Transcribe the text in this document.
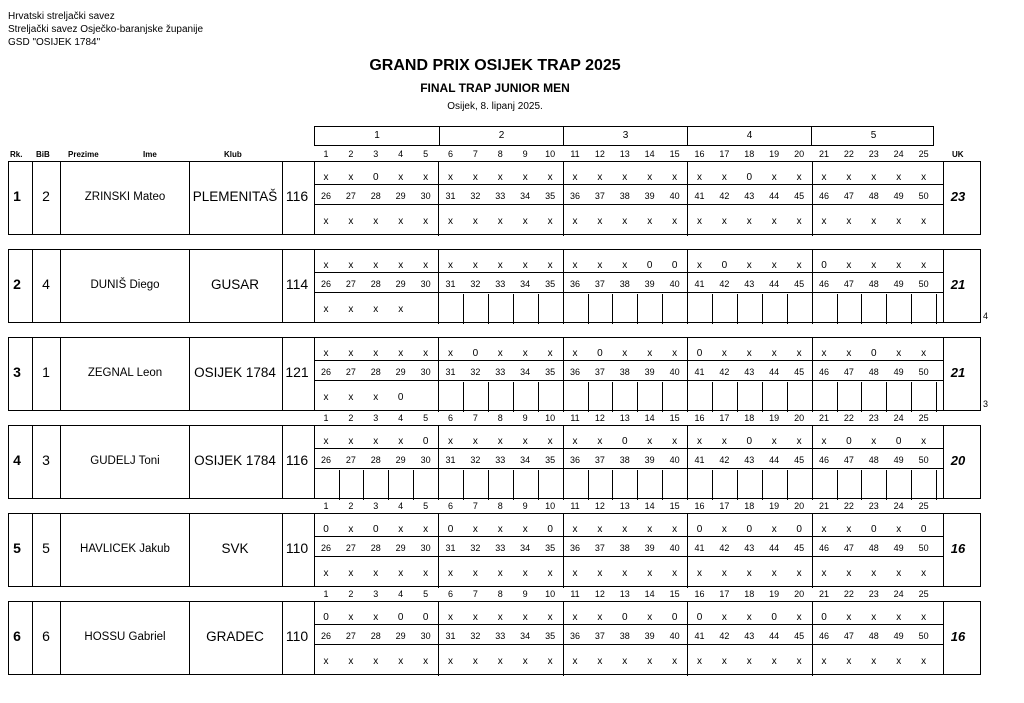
Hrvatski streljački savez
Streljački savez Osječko-baranjske županije
GSD "OSIJEK 1784"
GRAND PRIX OSIJEK TRAP 2025
FINAL TRAP JUNIOR MEN
Osijek, 8. lipanj 2025.
1	2	3	4	5
Rk. BiB Prezime	Ime	Klub	UK
1	2	3	4	5	6	7	8	9	10	11	12	13	14	15	16	17	18	19	20	21	22	23	24	25
1	2	ZRINSKI Mateo	PLEMENITAŠ 116	23
x	x	0	x	x	x	x	x	x	x	x	x	x	x	x	x	x	0	x	x	x	x	x	x	x
26	27	28	29	30	31	32	33	34	35	36	37	38	39	40	41	42	43	44	45	46	47	48	49	50
x	x	x	x	x	x	x	x	x	x	x	x	x	x	x	x	x	x	x	x	x	x	x	x	x
2	4	DUNIŠ Diego	GUSAR	114	21
x	x	x	x	x	x	x	x	x	x	x	x	x	0	0	x	0	x	x	x	0	x	x	x	x
26	27	28	29	30	31	32	33	34	35	36	37	38	39	40	41	42	43	44	45	46	47	48	49	50
x	x	x	x
4
3	1	ZEGNAL Leon	OSIJEK 1784 121	21
x	x	x	x	x	x	0	x	x	x	x	0	x	x	x	0	x	x	x	x	x	x	0	x	x
26	27	28	29	30	31	32	33	34	35	36	37	38	39	40	41	42	43	44	45	46	47	48	49	50
x	x	x	0
3
1	2	3	4	5	6	7	8	9	10	11	12	13	14	15	16	17	18	19	20	21	22	23	24	25
4	3	GUDELJ Toni	OSIJEK 1784 116	20
x	x	x	x	0	x	x	x	x	x	x	x	0	x	x	x	x	0	x	x	x	0	x	0	x
26	27	28	29	30	31	32	33	34	35	36	37	38	39	40	41	42	43	44	45	46	47	48	49	50
1	2	3	4	5	6	7	8	9	10	11	12	13	14	15	16	17	18	19	20	21	22	23	24	25
5	5	HAVLICEK Jakub	SVK	110	16
0	x	0	x	x	0	x	x	x	0	x	x	x	x	x	0	x	0	x	0	x	x	0	x	0
26	27	28	29	30	31	32	33	34	35	36	37	38	39	40	41	42	43	44	45	46	47	48	49	50
x	x	x	x	x	x	x	x	x	x	x	x	x	x	x	x	x	x	x	x	x	x	x	x	x
1	2	3	4	5	6	7	8	9	10	11	12	13	14	15	16	17	18	19	20	21	22	23	24	25
6	6	HOSSU Gabriel	GRADEC	110	16
0	x	x	0	0	x	x	x	x	x	x	x	0	x	0	0	x	x	0	x	0	x	x	x	x
26	27	28	29	30	31	32	33	34	35	36	37	38	39	40	41	42	43	44	45	46	47	48	49	50
x	x	x	x	x	x	x	x	x	x	x	x	x	x	x	x	x	x	x	x	x	x	x	x	x
